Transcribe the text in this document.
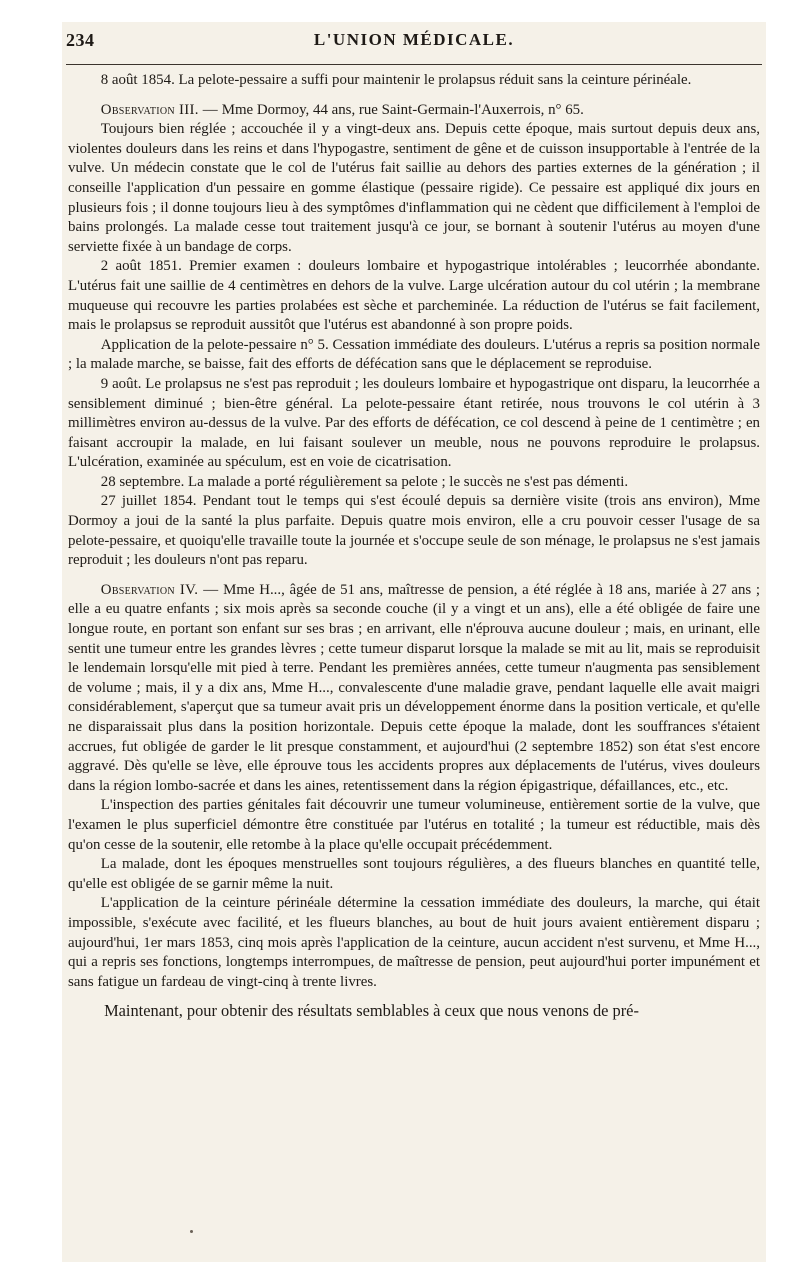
234	L'UNION MÉDICALE.

8 août 1854. La pelote-pessaire a suffi pour maintenir le prolapsus réduit sans la ceinture périnéale.

Observation III. — Mme Dormoy, 44 ans, rue Saint-Germain-l'Auxerrois, n° 65.

Toujours bien réglée ; accouchée il y a vingt-deux ans. Depuis cette époque, mais surtout depuis deux ans, violentes douleurs dans les reins et dans l'hypogastre, sentiment de gêne et de cuisson insupportable à l'entrée de la vulve. Un médecin constate que le col de l'utérus fait saillie au dehors des parties externes de la génération ; il conseille l'application d'un pessaire en gomme élastique (pessaire rigide). Ce pessaire est appliqué dix jours en plusieurs fois ; il donne toujours lieu à des symptômes d'inflammation qui ne cèdent que difficilement à l'emploi de bains prolongés. La malade cesse tout traitement jusqu'à ce jour, se bornant à soutenir l'utérus au moyen d'une serviette fixée à un bandage de corps.

2 août 1851. Premier examen : douleurs lombaire et hypogastrique intolérables ; leucorrhée abondante. L'utérus fait une saillie de 4 centimètres en dehors de la vulve. Large ulcération autour du col utérin ; la membrane muqueuse qui recouvre les parties prolabées est sèche et parcheminée. La réduction de l'utérus se fait facilement, mais le prolapsus se reproduit aussitôt que l'utérus est abandonné à son propre poids.

Application de la pelote-pessaire n° 5. Cessation immédiate des douleurs. L'utérus a repris sa position normale ; la malade marche, se baisse, fait des efforts de défécation sans que le déplacement se reproduise.

9 août. Le prolapsus ne s'est pas reproduit ; les douleurs lombaire et hypogastrique ont disparu, la leucorrhée a sensiblement diminué ; bien-être général. La pelote-pessaire étant retirée, nous trouvons le col utérin à 3 millimètres environ au-dessus de la vulve. Par des efforts de défécation, ce col descend à peine de 1 centimètre ; en faisant accroupir la malade, en lui faisant soulever un meuble, nous ne pouvons reproduire le prolapsus. L'ulcération, examinée au spéculum, est en voie de cicatrisation.

28 septembre. La malade a porté régulièrement sa pelote ; le succès ne s'est pas démenti.

27 juillet 1854. Pendant tout le temps qui s'est écoulé depuis sa dernière visite (trois ans environ), Mme Dormoy a joui de la santé la plus parfaite. Depuis quatre mois environ, elle a cru pouvoir cesser l'usage de sa pelote-pessaire, et quoiqu'elle travaille toute la journée et s'occupe seule de son ménage, le prolapsus ne s'est jamais reproduit ; les douleurs n'ont pas reparu.

Observation IV. — Mme H..., âgée de 51 ans, maîtresse de pension, a été réglée à 18 ans, mariée à 27 ans ; elle a eu quatre enfants ; six mois après sa seconde couche (il y a vingt et un ans), elle a été obligée de faire une longue route, en portant son enfant sur ses bras ; en arrivant, elle n'éprouva aucune douleur ; mais, en urinant, elle sentit une tumeur entre les grandes lèvres ; cette tumeur disparut lorsque la malade se mit au lit, mais se reproduisit le lendemain lorsqu'elle mit pied à terre. Pendant les premières années, cette tumeur n'augmenta pas sensiblement de volume ; mais, il y a dix ans, Mme H..., convalescente d'une maladie grave, pendant laquelle elle avait maigri considérablement, s'aperçut que sa tumeur avait pris un développement énorme dans la position verticale, et qu'elle ne disparaissait plus dans la position horizontale. Depuis cette époque la malade, dont les souffrances s'étaient accrues, fut obligée de garder le lit presque constamment, et aujourd'hui (2 septembre 1852) son état s'est encore aggravé. Dès qu'elle se lève, elle éprouve tous les accidents propres aux déplacements de l'utérus, vives douleurs dans la région lombo-sacrée et dans les aines, retentissement dans la région épigastrique, défaillances, etc., etc.

L'inspection des parties génitales fait découvrir une tumeur volumineuse, entièrement sortie de la vulve, que l'examen le plus superficiel démontre être constituée par l'utérus en totalité ; la tumeur est réductible, mais dès qu'on cesse de la soutenir, elle retombe à la place qu'elle occupait précédemment.

La malade, dont les époques menstruelles sont toujours régulières, a des flueurs blanches en quantité telle, qu'elle est obligée de se garnir même la nuit.

L'application de la ceinture périnéale détermine la cessation immédiate des douleurs, la marche, qui était impossible, s'exécute avec facilité, et les flueurs blanches, au bout de huit jours avaient entièrement disparu ; aujourd'hui, 1er mars 1853, cinq mois après l'application de la ceinture, aucun accident n'est survenu, et Mme H..., qui a repris ses fonctions, longtemps interrompues, de maîtresse de pension, peut aujourd'hui porter impunément et sans fatigue un fardeau de vingt-cinq à trente livres.

Maintenant, pour obtenir des résultats semblables à ceux que nous venons de pré-
